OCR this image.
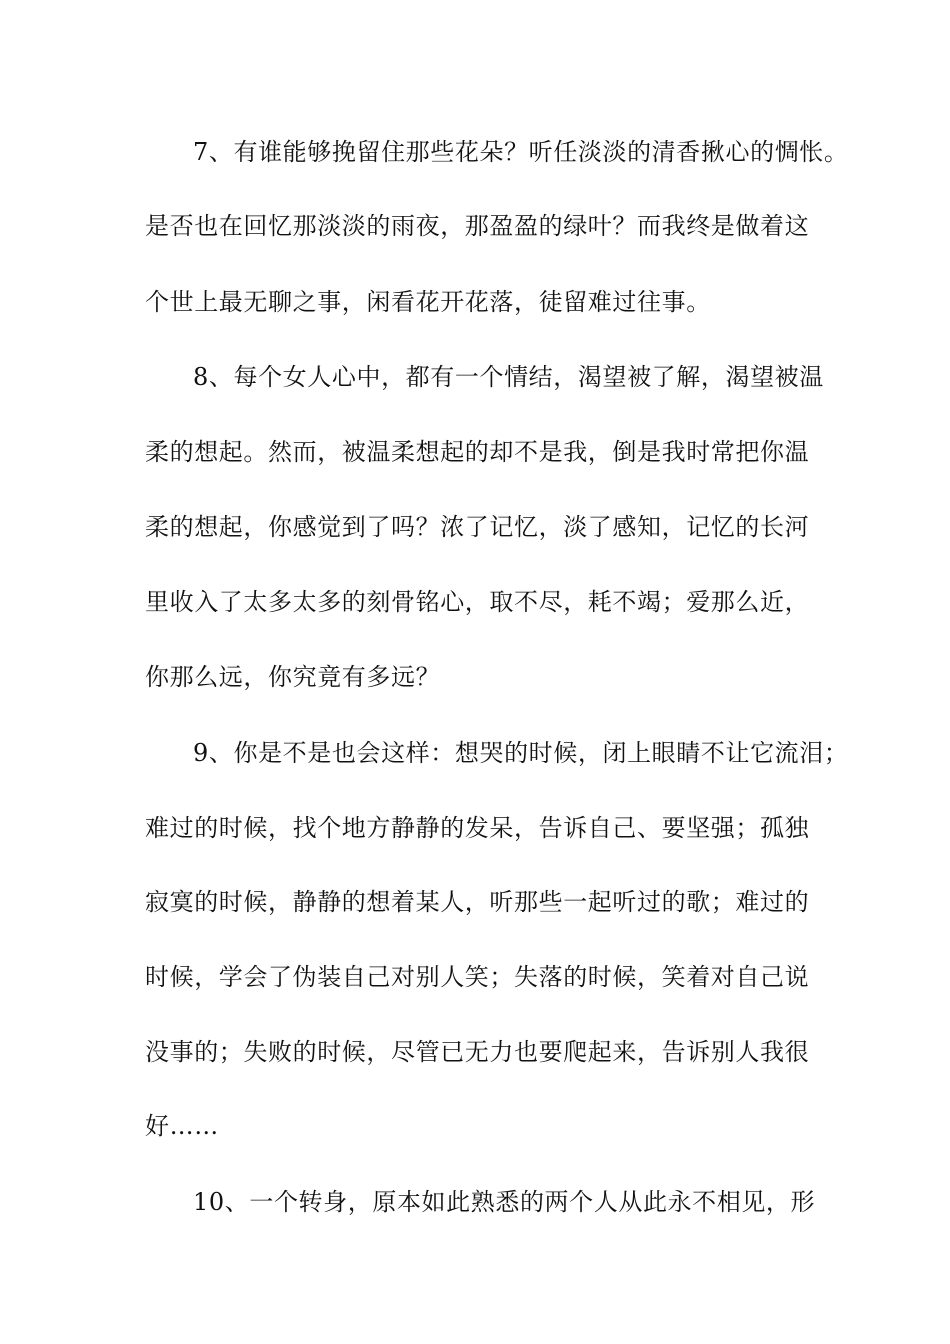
7、有谁能够挽留住那些花朵？听任淡淡的清香揪心的惆怅。
是否也在回忆那淡淡的雨夜，那盈盈的绿叶？而我终是做着这
个世上最无聊之事，闲看花开花落，徒留难过往事。
8、每个女人心中，都有一个情结，渴望被了解，渴望被温
柔的想起。然而，被温柔想起的却不是我，倒是我时常把你温
柔的想起，你感觉到了吗？浓了记忆，淡了感知，记忆的长河
里收入了太多太多的刻骨铭心，取不尽，耗不竭；爱那么近，
你那么远，你究竟有多远？
9、你是不是也会这样：想哭的时候，闭上眼睛不让它流泪；
难过的时候，找个地方静静的发呆，告诉自己、要坚强；孤独
寂寞的时候，静静的想着某人，听那些一起听过的歌；难过的
时候，学会了伪装自己对别人笑；失落的时候，笑着对自己说
没事的；失败的时候，尽管已无力也要爬起来，告诉别人我很
好……
10、一个转身，原本如此熟悉的两个人从此永不相见，形
